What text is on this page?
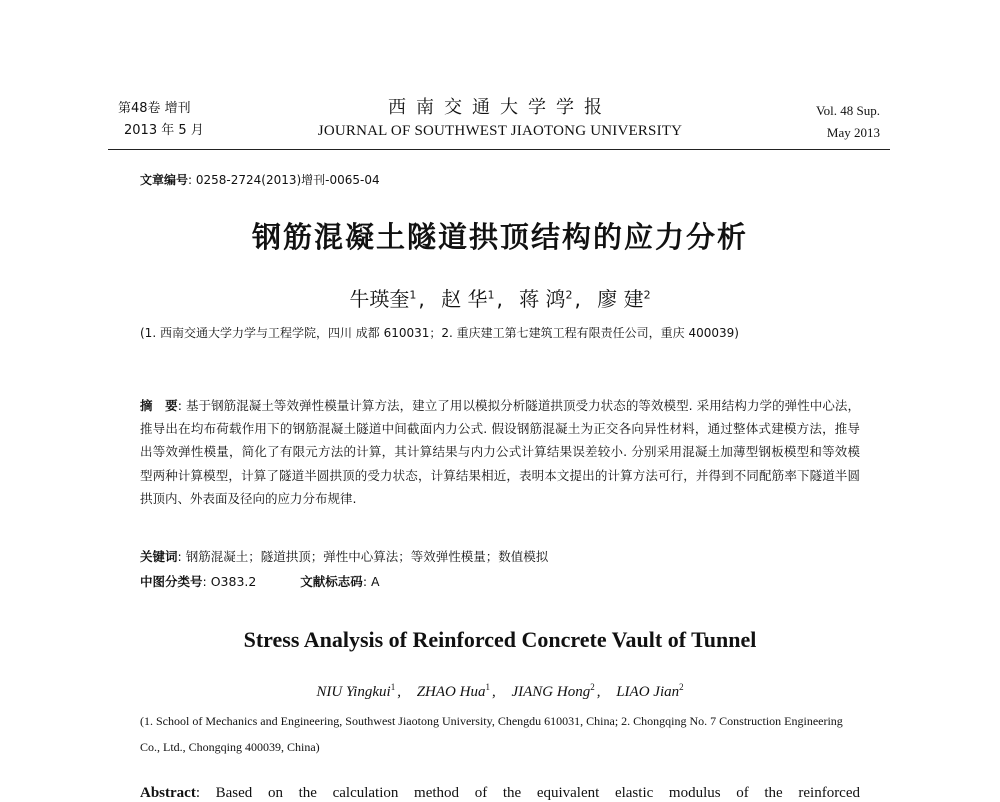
第48卷 增刊
2013 年 5 月
西南交通大学学报
JOURNAL OF SOUTHWEST JIAOTONG UNIVERSITY
Vol. 48 Sup.
May 2013
文章编号: 0258-2724(2013)增刊-0065-04
钢筋混凝土隧道拱顶结构的应力分析
牛瑛奎$^1$ , 赵 华$^1$ , 蒋 鸿$^2$ , 廖 建$^2$
(1. 西南交通大学力学与工程学院，四川 成都 610031；2. 重庆建工第七建筑工程有限责任公司，重庆 400039)
摘　要: 基于钢筋混凝土等效弹性模量计算方法，建立了用以模拟分析隧道拱顶受力状态的等效模型. 采用结构力学的弹性中心法，推导出在均布荷载作用下的钢筋混凝土隧道中间截面内力公式. 假设钢筋混凝土为正交各向异性材料，通过整体式建模方法，推导出等效弹性模量，简化了有限元方法的计算，其计算结果与内力公式计算结果误差较小. 分别采用混凝土加薄型钢板模型和等效模型两种计算模型，计算了隧道半圆拱顶的受力状态，计算结果相近，表明本文提出的计算方法可行，并得到不同配筋率下隧道半圆拱顶内、外表面及径向的应力分布规律.
关键词: 钢筋混凝土；隧道拱顶；弹性中心算法；等效弹性模量；数值模拟
中图分类号: O383.2	文献标志码: A
Stress Analysis of Reinforced Concrete Vault of Tunnel
NIU Yingkui$^1$ , ZHAO Hua$^1$ , JIANG Hong$^2$ , LIAO Jian$^2$
(1. School of Mechanics and Engineering, Southwest Jiaotong University, Chengdu 610031, China; 2. Chongqing No. 7 Construction Engineering Co., Ltd., Chongqing 400039, China)
Abstract: Based on the calculation method of the equivalent elastic modulus of the reinforced
